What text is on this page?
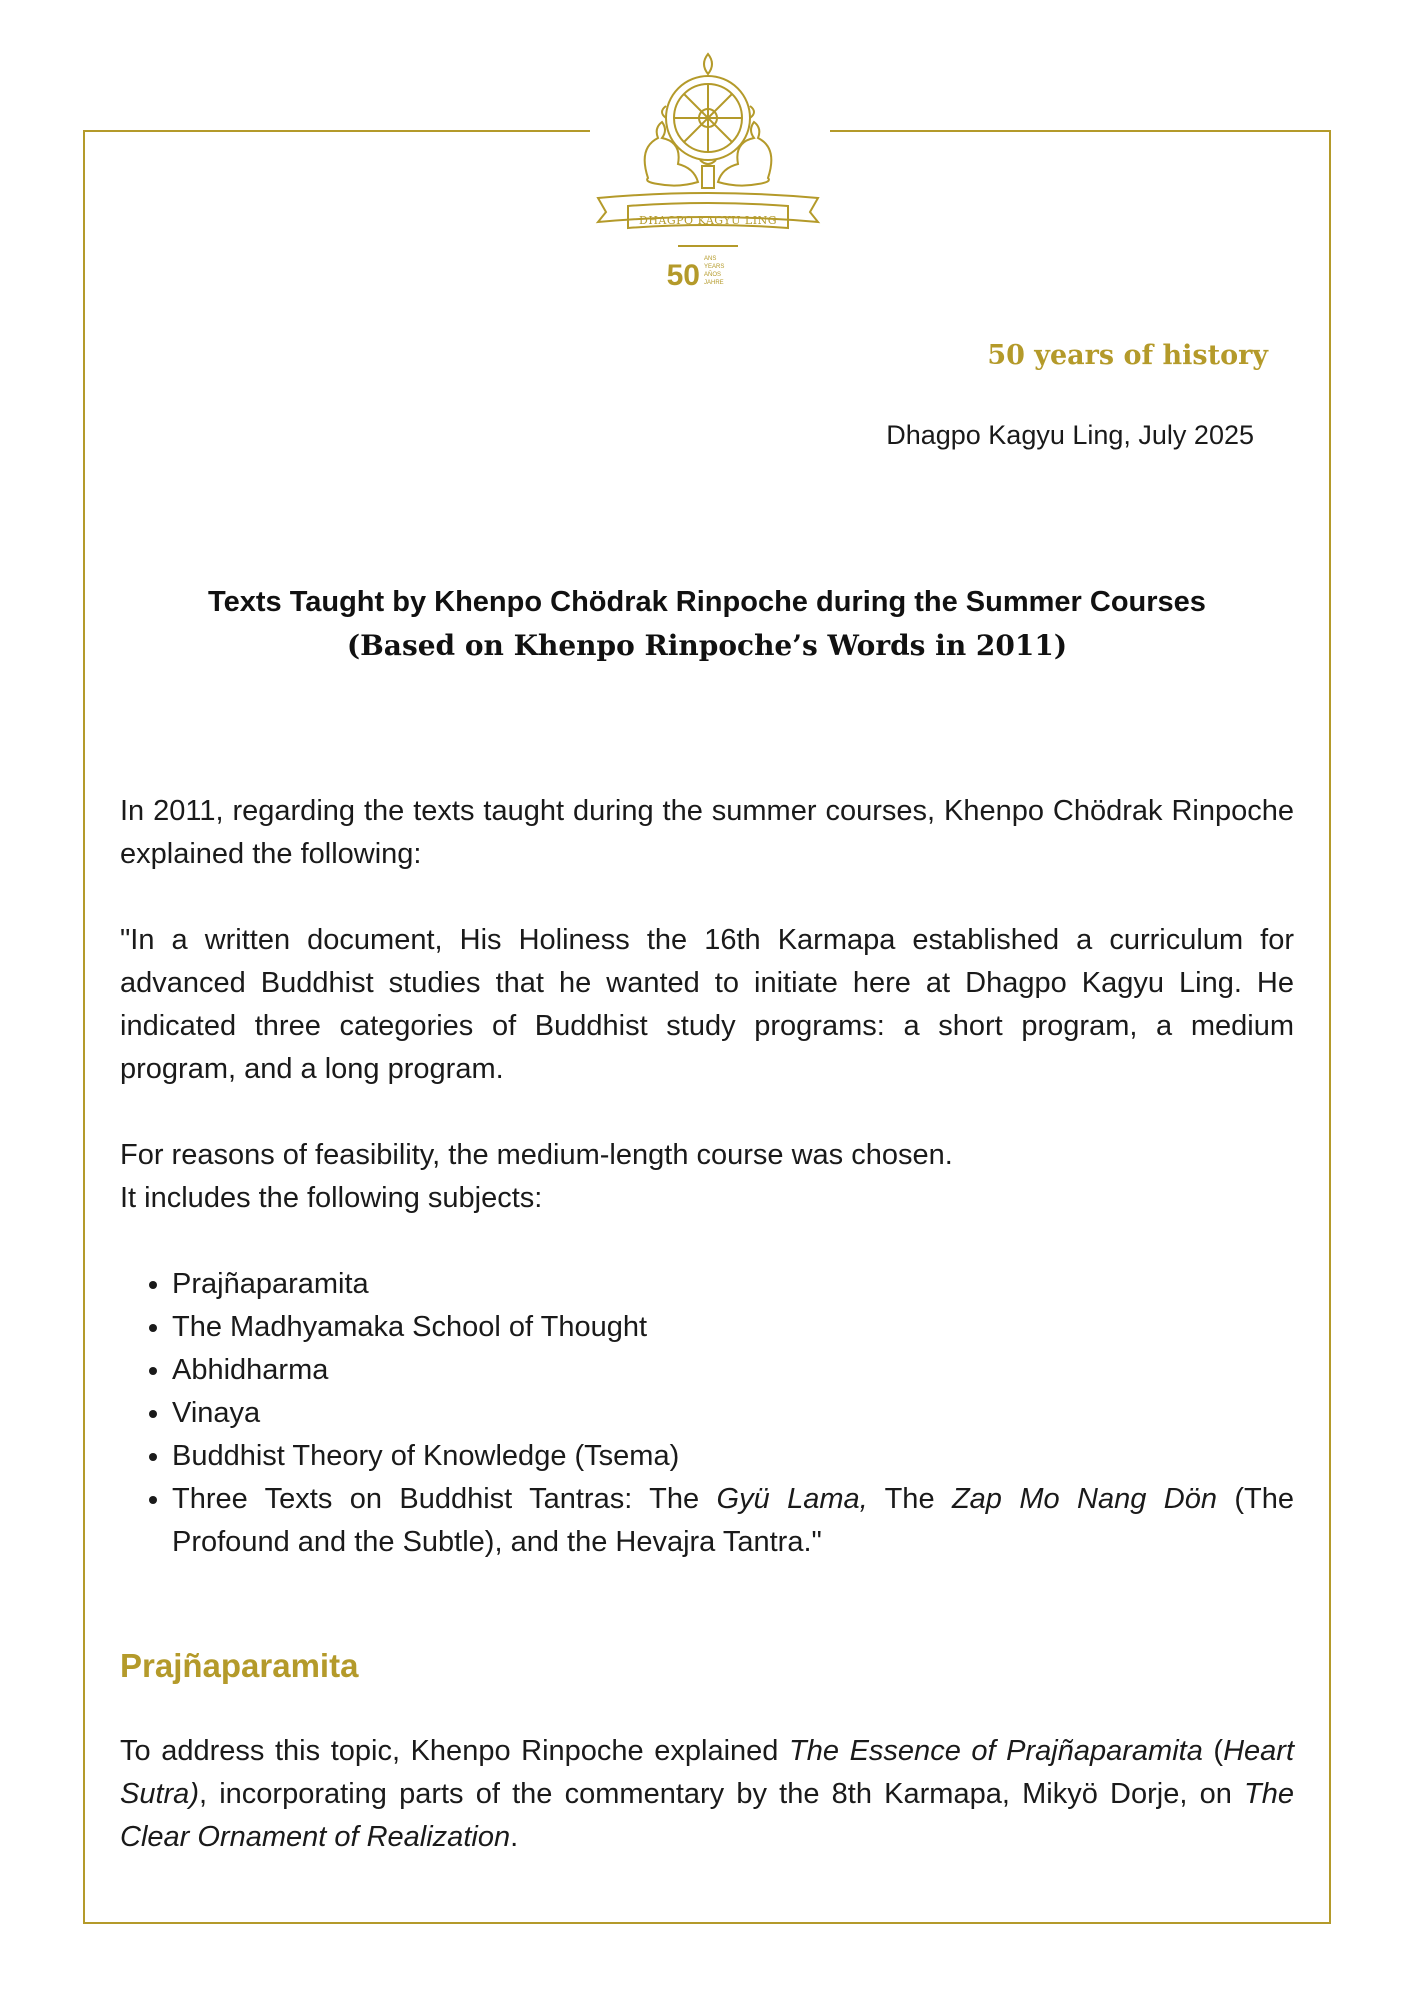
DHAGPO KAGYU LING
50 ANS
YEARS
AÑOS
JAHRE
50 years of history
Dhagpo Kagyu Ling, July 2025
Texts Taught by Khenpo Chödrak Rinpoche during the Summer Courses
(Based on Khenpo Rinpoche’s Words in 2011)

In 2011, regarding the texts taught during the summer courses, Khenpo Chödrak Rinpoche explained the following:

"In a written document, His Holiness the 16th Karmapa established a curriculum for advanced Buddhist studies that he wanted to initiate here at Dhagpo Kagyu Ling. He indicated three categories of Buddhist study programs: a short program, a medium program, and a long program.

For reasons of feasibility, the medium-length course was chosen.
It includes the following subjects:

• Prajñaparamita
• The Madhyamaka School of Thought
• Abhidharma
• Vinaya
• Buddhist Theory of Knowledge (Tsema)
• Three Texts on Buddhist Tantras: The Gyü Lama, The Zap Mo Nang Dön (The Profound and the Subtle), and the Hevajra Tantra."
Prajñaparamita

To address this topic, Khenpo Rinpoche explained The Essence of Prajñaparamita (Heart Sutra), incorporating parts of the commentary by the 8th Karmapa, Mikyö Dorje, on The Clear Ornament of Realization.
